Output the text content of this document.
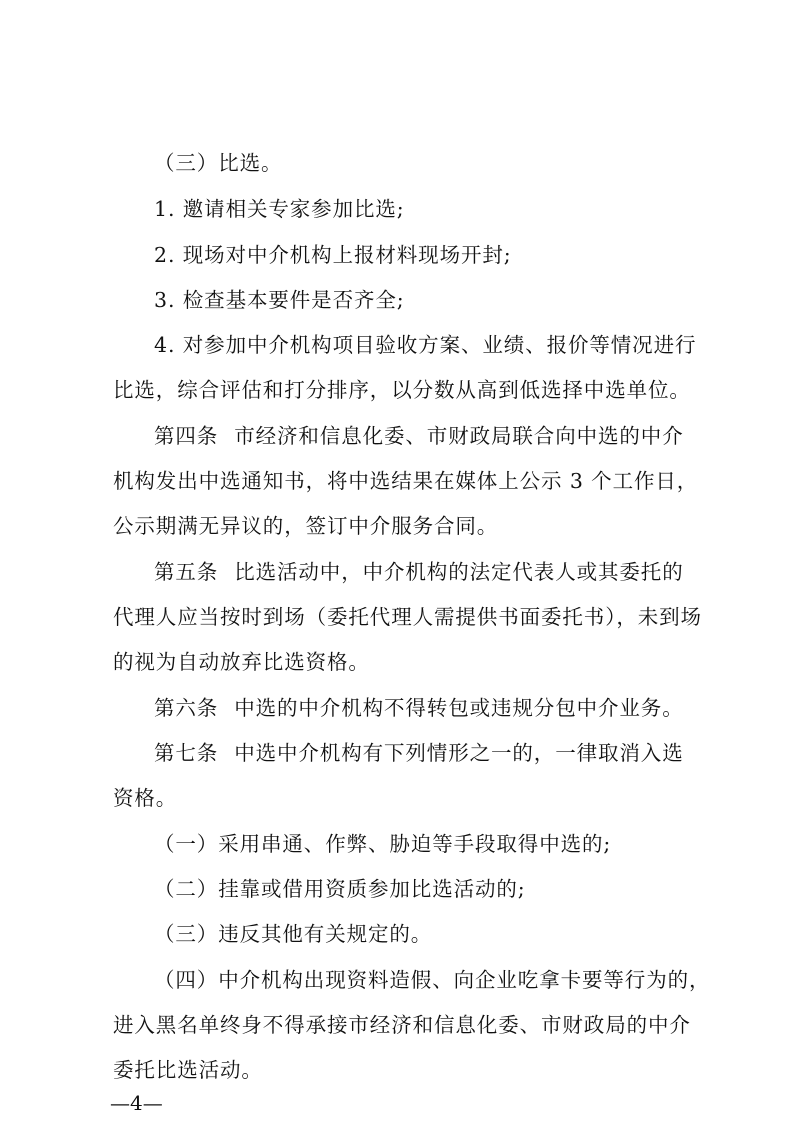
（三）比选。
1. 邀请相关专家参加比选;
2. 现场对中介机构上报材料现场开封;
3. 检查基本要件是否齐全;
4. 对参加中介机构项目验收方案、业绩、报价等情况进行
比选，综合评估和打分排序，以分数从高到低选择中选单位。
第四条 市经济和信息化委、市财政局联合向中选的中介
机构发出中选通知书，将中选结果在媒体上公示 3 个工作日，
公示期满无异议的，签订中介服务合同。
第五条 比选活动中，中介机构的法定代表人或其委托的
代理人应当按时到场（委托代理人需提供书面委托书），未到场
的视为自动放弃比选资格。
第六条 中选的中介机构不得转包或违规分包中介业务。
第七条 中选中介机构有下列情形之一的，一律取消入选
资格。
（一）采用串通、作弊、胁迫等手段取得中选的;
（二）挂靠或借用资质参加比选活动的;
（三）违反其他有关规定的。
（四）中介机构出现资料造假、向企业吃拿卡要等行为的，
进入黑名单终身不得承接市经济和信息化委、市财政局的中介
委托比选活动。
—4—
